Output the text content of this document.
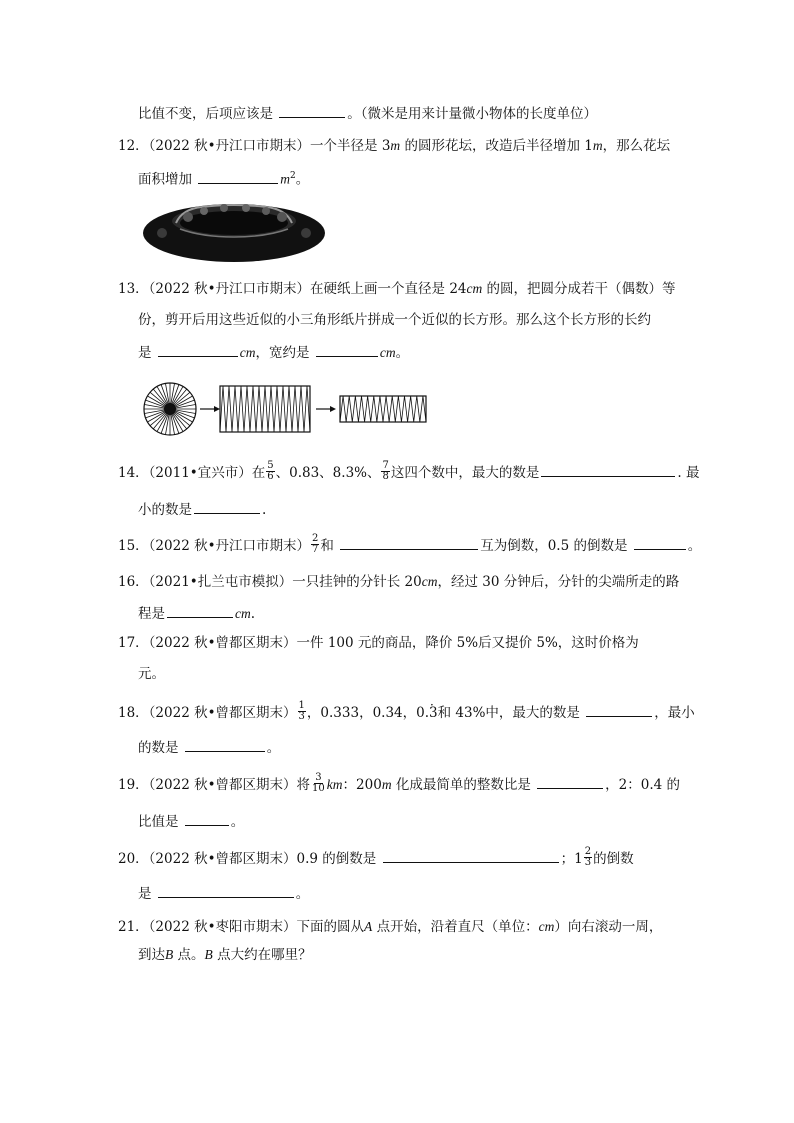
比值不变，后项应该是	。（微米是用来计量微小物体的长度单位）
12．（2022 秋•丹江口市期末）一个半径是 3m 的圆形花坛，改造后半径增加 1m，那么花坛
面积增加	$m^2$。
13．（2022 秋•丹江口市期末）在硬纸上画一个直径是 24cm 的圆，把圆分成若干（偶数）等
份，剪开后用这些近似的小三角形纸片拼成一个近似的长方形。那么这个长方形的长约
是	cm，宽约是	cm。
14．（2011•宜兴市）在 $\frac{5}{6}$ 、0.83、8.3%、 $\frac{7}{8}$ 这四个数中，最大的数是	. 最
小的数是	.
15．（2022 秋•丹江口市期末） $\frac{2}{7}$ 和	互为倒数，0.5 的倒数是	。
16．（2021•扎兰屯市模拟）一只挂钟的分针长 20cm，经过 30 分钟后，分针的尖端所走的路
程是	cm.
17．（2022 秋•曾都区期末）一件 100 元的商品，降价 5%后又提价 5%，这时价格为
元。
18．（2022 秋•曾都区期末） $\frac{1}{3}$ ，0.333，0.34，0.· 3和 43%中，最大的数是	，最小
的数是	。
19．（2022 秋•曾都区期末）将 $\frac{3}{10}$ km：200m 化成最简单的整数比是	，2：0.4 的
比值是	。
20．（2022 秋•曾都区期末）0.9 的倒数是	；$1 \frac{2}{3}$ 的倒数
是	。
21．（2022 秋•枣阳市期末）下面的圆从A 点开始，沿着直尺（单位：cm）向右滚动一周，
到达B 点。B 点大约在哪里？
